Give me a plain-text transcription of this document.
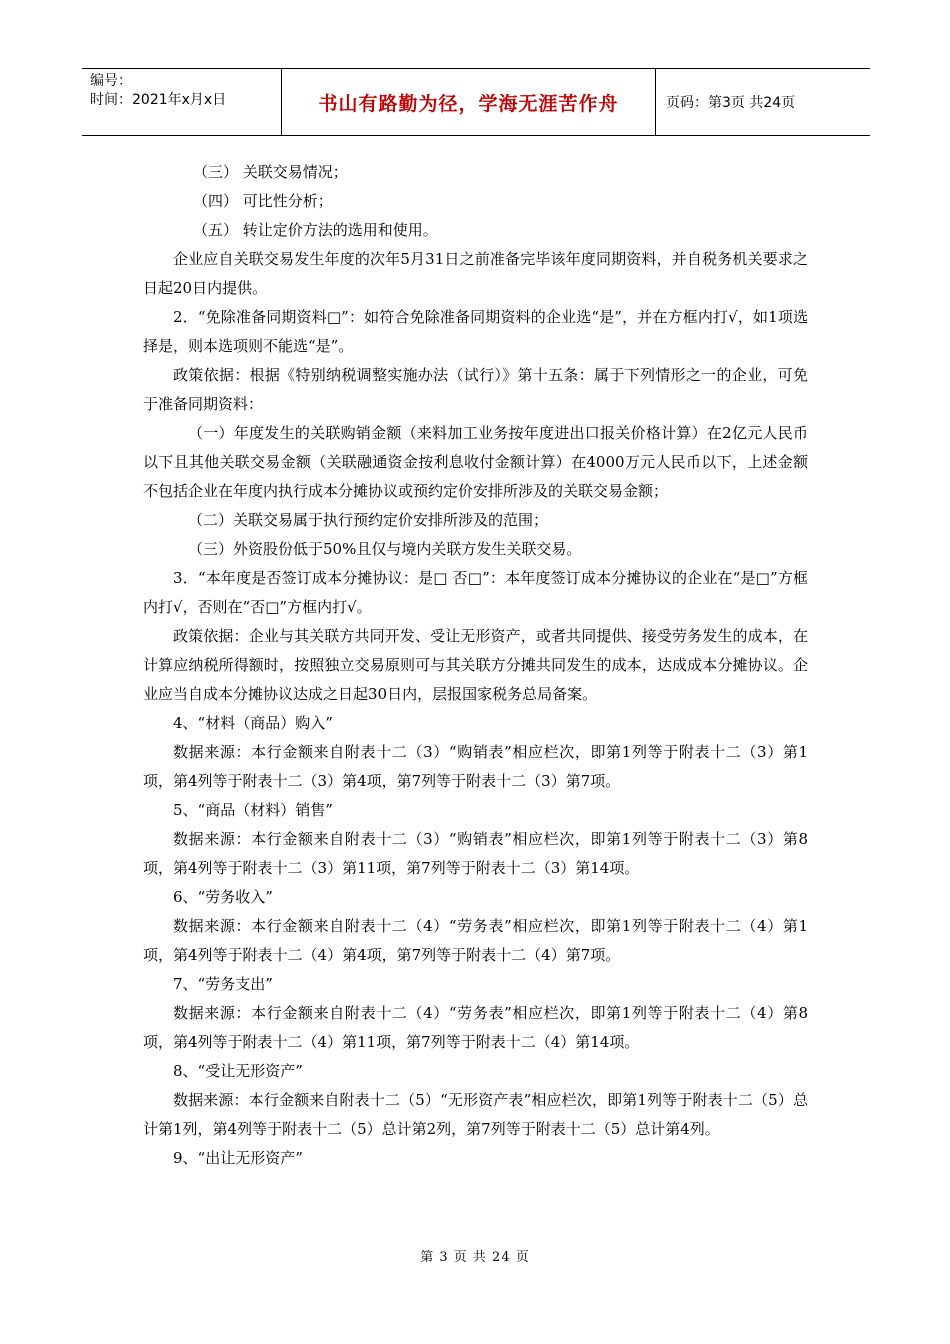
编号：
时间：2021年x月x日	书山有路勤为径，学海无涯苦作舟	页码：第3页 共24页

（三） 关联交易情况；

（四） 可比性分析；

（五） 转让定价方法的选用和使用。

企业应自关联交易发生年度的次年5月31日之前准备完毕该年度同期资料，并自税务机关要求之日起20日内提供。

2．“免除准备同期资料□”：如符合免除准备同期资料的企业选“是”，并在方框内打√，如1项选择是，则本选项则不能选“是”。

政策依据：根据《特别纳税调整实施办法（试行）》第十五条：属于下列情形之一的企业，可免于准备同期资料：

（一）年度发生的关联购销金额（来料加工业务按年度进出口报关价格计算）在2亿元人民币以下且其他关联交易金额（关联融通资金按利息收付金额计算）在4000万元人民币以下，上述金额不包括企业在年度内执行成本分摊协议或预约定价安排所涉及的关联交易金额；

（二）关联交易属于执行预约定价安排所涉及的范围；

（三）外资股份低于50%且仅与境内关联方发生关联交易。

3．“本年度是否签订成本分摊协议：是□ 否□”：本年度签订成本分摊协议的企业在“是□”方框内打√，否则在“否□”方框内打√。

政策依据：企业与其关联方共同开发、受让无形资产，或者共同提供、接受劳务发生的成本，在计算应纳税所得额时，按照独立交易原则可与其关联方分摊共同发生的成本，达成成本分摊协议。企业应当自成本分摊协议达成之日起30日内，层报国家税务总局备案。

4、“材料（商品）购入”

数据来源：本行金额来自附表十二（3）“购销表”相应栏次，即第1列等于附表十二（3）第1项，第4列等于附表十二（3）第4项，第7列等于附表十二（3）第7项。

5、“商品（材料）销售”

数据来源：本行金额来自附表十二（3）“购销表”相应栏次，即第1列等于附表十二（3）第8项，第4列等于附表十二（3）第11项，第7列等于附表十二（3）第14项。

6、“劳务收入”

数据来源：本行金额来自附表十二（4）“劳务表”相应栏次，即第1列等于附表十二（4）第1项，第4列等于附表十二（4）第4项，第7列等于附表十二（4）第7项。

7、“劳务支出”

数据来源：本行金额来自附表十二（4）“劳务表”相应栏次，即第1列等于附表十二（4）第8项，第4列等于附表十二（4）第11项，第7列等于附表十二（4）第14项。

8、“受让无形资产”

数据来源：本行金额来自附表十二（5）“无形资产表”相应栏次，即第1列等于附表十二（5）总计第1列，第4列等于附表十二（5）总计第2列，第7列等于附表十二（5）总计第4列。

9、“出让无形资产”

第 3 页 共 24 页
